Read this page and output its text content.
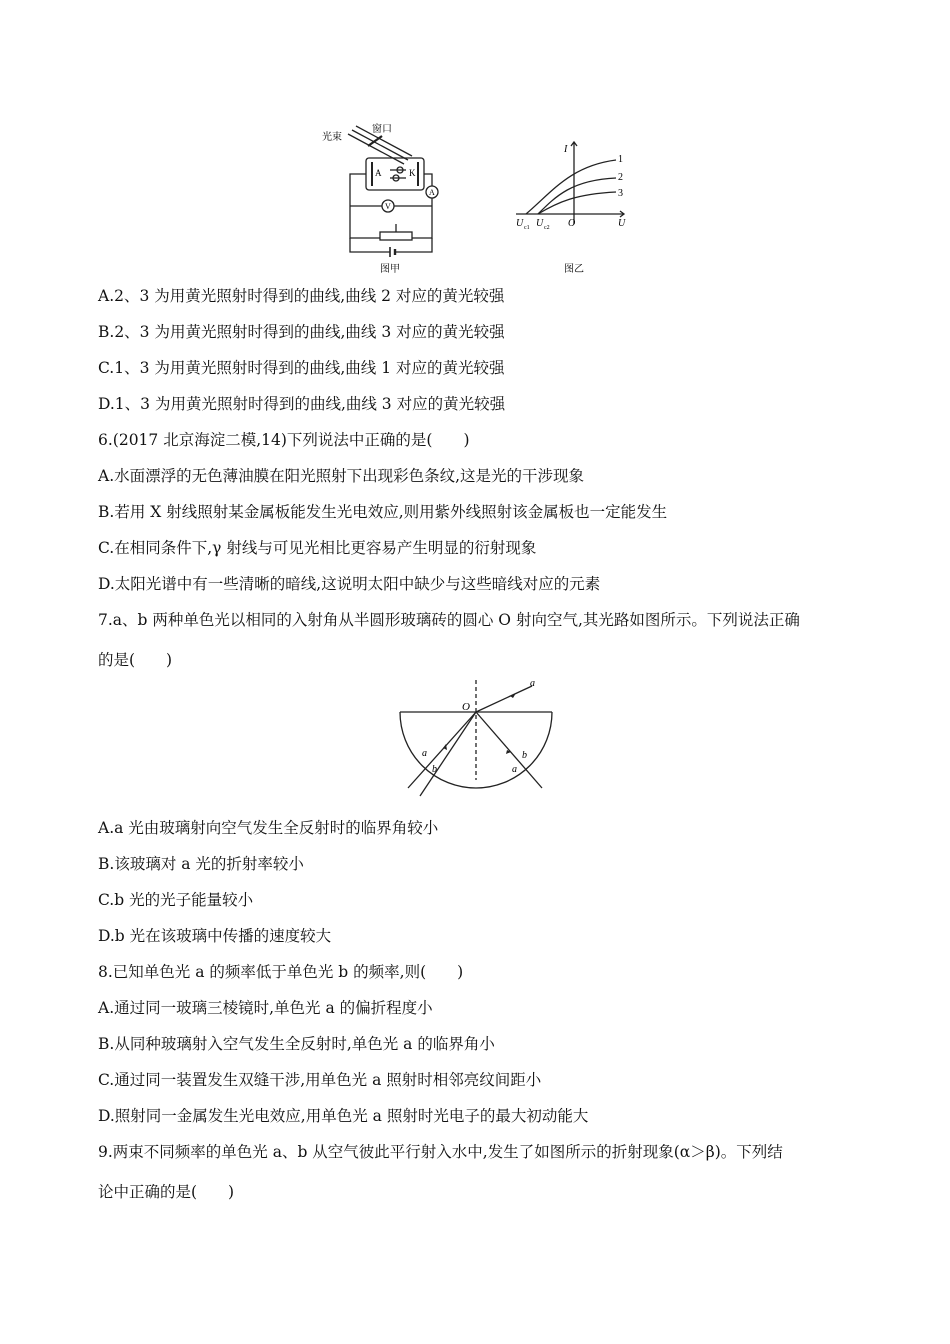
光束
窗口
A	K
A
V
图甲
I
U
O
U c1 U c2
1
2
3
图乙
A.2、3 为用黄光照射时得到的曲线,曲线 2 对应的黄光较强
B.2、3 为用黄光照射时得到的曲线,曲线 3 对应的黄光较强
C.1、3 为用黄光照射时得到的曲线,曲线 1 对应的黄光较强
D.1、3 为用黄光照射时得到的曲线,曲线 3 对应的黄光较强
6.(2017 北京海淀二模,14)下列说法中正确的是(　　)
A.水面漂浮的无色薄油膜在阳光照射下出现彩色条纹,这是光的干涉现象
B.若用 X 射线照射某金属板能发生光电效应,则用紫外线照射该金属板也一定能发生
C.在相同条件下,γ 射线与可见光相比更容易产生明显的衍射现象
D.太阳光谱中有一些清晰的暗线,这说明太阳中缺少与这些暗线对应的元素
7.a、b 两种单色光以相同的入射角从半圆形玻璃砖的圆心 O 射向空气,其光路如图所示。下列说法正确
的是(　　)
O
a
a
b
b
a
A.a 光由玻璃射向空气发生全反射时的临界角较小
B.该玻璃对 a 光的折射率较小
C.b 光的光子能量较小
D.b 光在该玻璃中传播的速度较大
8.已知单色光 a 的频率低于单色光 b 的频率,则(　　)
A.通过同一玻璃三棱镜时,单色光 a 的偏折程度小
B.从同种玻璃射入空气发生全反射时,单色光 a 的临界角小
C.通过同一装置发生双缝干涉,用单色光 a 照射时相邻亮纹间距小
D.照射同一金属发生光电效应,用单色光 a 照射时光电子的最大初动能大
9.两束不同频率的单色光 a、b 从空气彼此平行射入水中,发生了如图所示的折射现象(α＞β)。下列结
论中正确的是(　　)
